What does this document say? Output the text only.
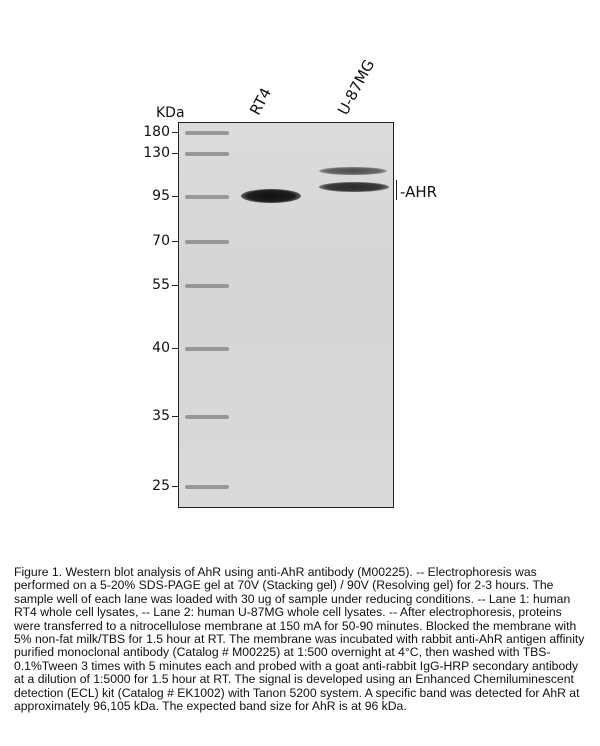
KDa	RT4	U-87MG
180
130
95
70
55
40
35
25
-AHR
Figure 1. Western blot analysis of AhR using anti-AhR antibody (M00225). -- Electrophoresis was performed on a 5-20% SDS-PAGE gel at 70V (Stacking gel) / 90V (Resolving gel) for 2-3 hours. The sample well of each lane was loaded with 30 ug of sample under reducing conditions. -- Lane 1: human RT4 whole cell lysates, -- Lane 2: human U-87MG whole cell lysates. -- After electrophoresis, proteins were transferred to a nitrocellulose membrane at 150 mA for 50-90 minutes. Blocked the membrane with 5% non-fat milk/TBS for 1.5 hour at RT. The membrane was incubated with rabbit anti-AhR antigen affinity purified monoclonal antibody (Catalog # M00225) at 1:500 overnight at 4°C, then washed with TBS-0.1%Tween 3 times with 5 minutes each and probed with a goat anti-rabbit IgG-HRP secondary antibody at a dilution of 1:5000 for 1.5 hour at RT. The signal is developed using an Enhanced Chemiluminescent detection (ECL) kit (Catalog # EK1002) with Tanon 5200 system. A specific band was detected for AhR at approximately 96,105 kDa. The expected band size for AhR is at 96 kDa.
